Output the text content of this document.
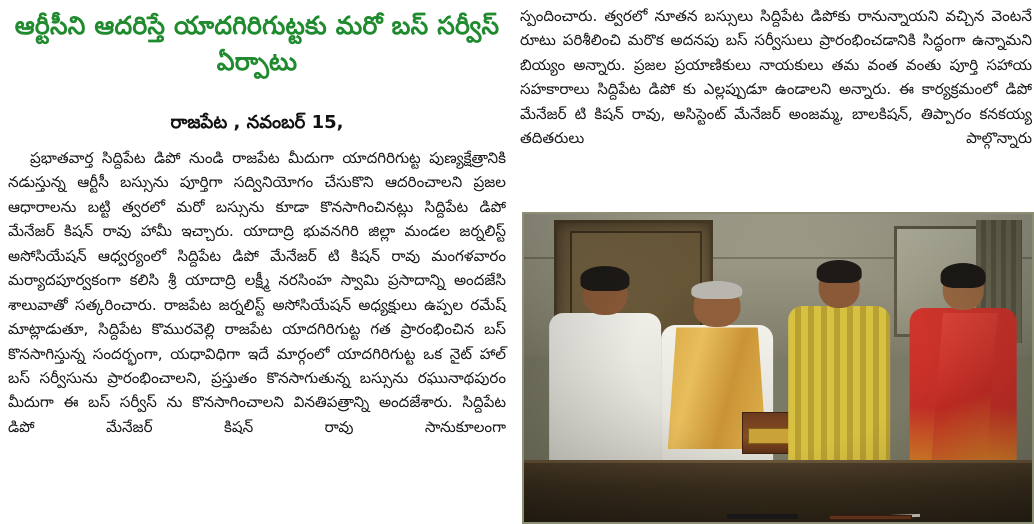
ఆర్టీసీని ఆదరిస్తే యాదగిరిగుట్టకు మరో బస్ సర్వీస్ ఏర్పాటు
రాజపేట , నవంబర్ 15,
ప్రభాతవార్త సిద్దిపేట డిపో నుండి రాజపేట మీదుగా యాదగిరిగుట్ట పుణ్యక్షేత్రానికి నడుస్తున్న ఆర్టీసీ బస్సును పూర్తిగా సద్వినియోగం చేసుకొని ఆదరించాలని ప్రజల ఆధారాలను బట్టి త్వరలో మరో బస్సును కూడా కొనసాగించినట్లు సిద్దిపేట డిపో మేనేజర్ కిషన్ రావు హామీ ఇచ్చారు. యాదాద్రి భువనగిరి జిల్లా మండల జర్నలిస్ట్ అసోసియేషన్ ఆధ్వర్యంలో సిద్దిపేట డిపో మేనేజర్ టి కిషన్ రావు మంగళవారం మర్యాదపూర్వకంగా కలిసి శ్రీ యాదాద్రి లక్ష్మీ నరసింహ స్వామి ప్రసాదాన్ని అందజేసి శాలువాతో సత్కరించారు. రాజపేట జర్నలిస్ట్ అసోసియేషన్ అధ్యక్షులు ఉప్పల రమేష్ మాట్లాడుతూ, సిద్దిపేట కొముర‌వెల్లి రాజపేట యాదగిరిగుట్ట గత ప్రారంభించిన బస్ కొనసాగిస్తున్న సందర్భంగా, యధావిధిగా ఇదే మార్గంలో యాదగిరిగుట్ట ఒక నైట్ హాల్ బస్ సర్వీసును ప్రారంభించాలని, ప్రస్తుతం కొనసాగుతున్న బస్సును రఘునాథపురం మీదుగా ఈ బస్ సర్వీస్ ను కొనసాగించాలని వినతిపత్రాన్ని అందజేశారు. సిద్దిపేట డిపో మేనేజర్ కిషన్ రావు సానుకూలంగా
స్పందించారు. త్వరలో నూతన బస్సులు సిద్దిపేట డిపోకు రానున్నాయని వచ్చిన వెంటనే రూటు పరిశీలించి మరొక అదనపు బస్ సర్వీసులు ప్రారంభించడానికి సిద్ధంగా ఉన్నామని బియ్యం అన్నారు. ప్రజల ప్రయాణికులు నాయకులు తమ వంత వంతు పూర్తి సహాయ సహకారాలు సిద్దిపేట డిపో కు ఎల్లప్పుడూ ఉండాలని అన్నారు. ఈ కార్యక్రమంలో డిపో మేనేజర్ టి కిషన్ రావు, అసిస్టెంట్ మేనేజర్ అంజమ్మ, బాలకిషన్, తిప్పారం కనకయ్య తదితరులు పాల్గొన్నారు
